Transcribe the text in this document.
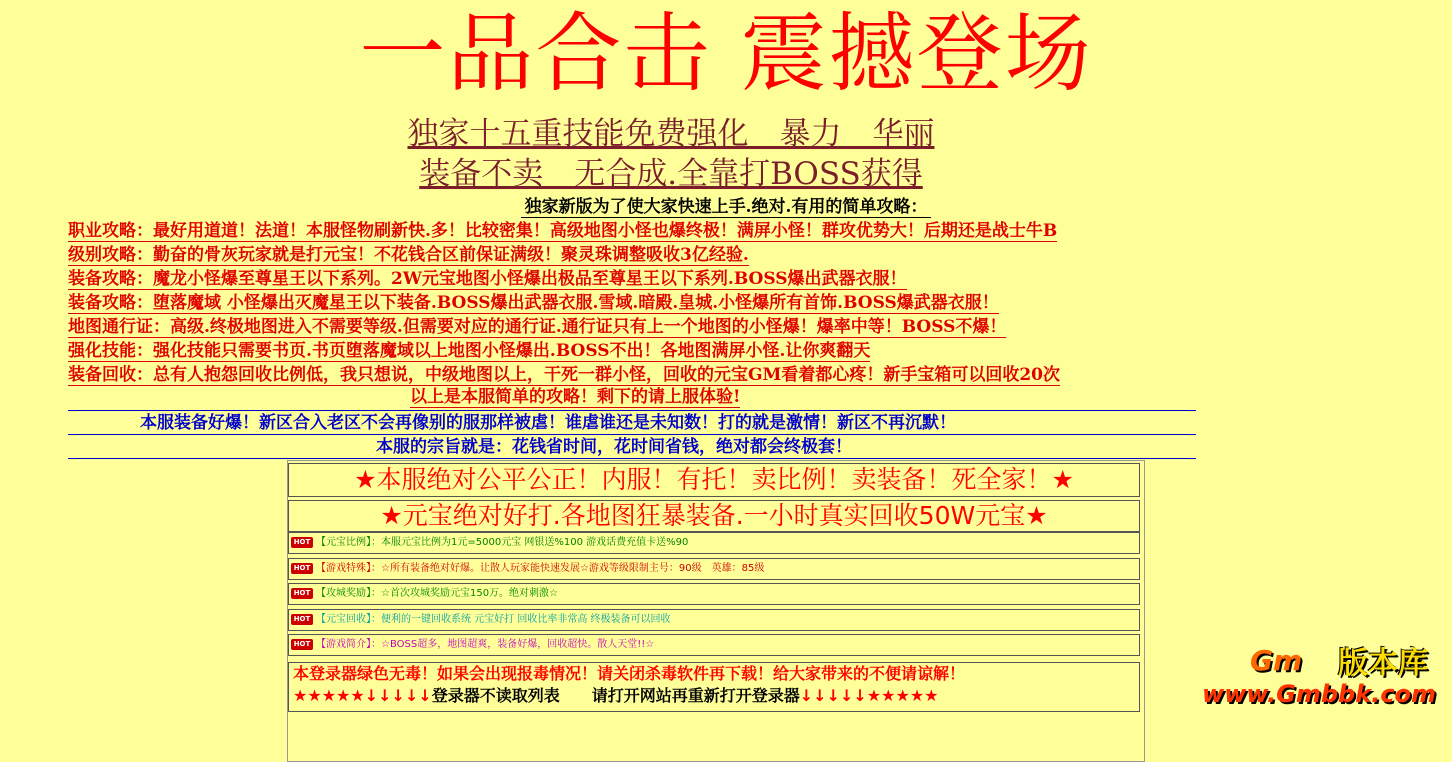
一品合击 震撼登场
独家十五重技能免费强化　暴力　华丽
装备不卖　无合成.全靠打BOSS获得
独家新版为了使大家快速上手.绝对.有用的简单攻略：
职业攻略：最好用道道！法道！本服怪物刷新快.多！比较密集！高级地图小怪也爆终极！满屏小怪！群攻优势大！后期还是战士牛B
级别攻略：勤奋的骨灰玩家就是打元宝！不花钱合区前保证满级！聚灵珠调整吸收3亿经验.
装备攻略：魔龙小怪爆至尊星王以下系列。2W元宝地图小怪爆出极品至尊星王以下系列.BOSS爆出武器衣服！
装备攻略：堕落魔域 小怪爆出灭魔星王以下装备.BOSS爆出武器衣服.雪域.暗殿.皇城.小怪爆所有首饰.BOSS爆武器衣服！
地图通行证：高级.终极地图进入不需要等级.但需要对应的通行证.通行证只有上一个地图的小怪爆！爆率中等！BOSS不爆！
强化技能：强化技能只需要书页.书页堕落魔域以上地图小怪爆出.BOSS不出！各地图满屏小怪.让你爽翻天
装备回收：总有人抱怨回收比例低，我只想说，中级地图以上，干死一群小怪，回收的元宝GM看着都心疼！新手宝箱可以回收20次
以上是本服简单的攻略！剩下的请上服体验!
本服装备好爆！新区合入老区不会再像别的服那样被虐！谁虐谁还是未知数！打的就是激情！新区不再沉默！
本服的宗旨就是：花钱省时间，花时间省钱，绝对都会终极套！
★本服绝对公平公正！内服！有托！卖比例！卖装备！死全家！★
★元宝绝对好打.各地图狂暴装备.一小时真实回收50W元宝★
HOT 【元宝比例】：本服元宝比例为1元=5000元宝 网银送%100 游戏话费充值卡送%90
HOT 【游戏特殊】：☆所有装备绝对好爆。让散人玩家能快速发展☆游戏等级限制主号：90级　英雄：85级
HOT 【攻城奖励】：☆首次攻城奖励元宝150万。绝对刺激☆
HOT 【元宝回收】：便利的一键回收系统 元宝好打 回收比率非常高 终极装备可以回收
HOT 【游戏简介】：☆BOSS超多，地图超爽，装备好爆，回收超快。散人天堂!!☆
本登录器绿色无毒！如果会出现报毒情况！请关闭杀毒软件再下载！给大家带来的不便请谅解！
★★★★★↓↓↓↓↓登录器不读取列表　　请打开网站再重新打开登录器↓↓↓↓↓★★★★★
Gm 版本库
www.Gmbbk.com
